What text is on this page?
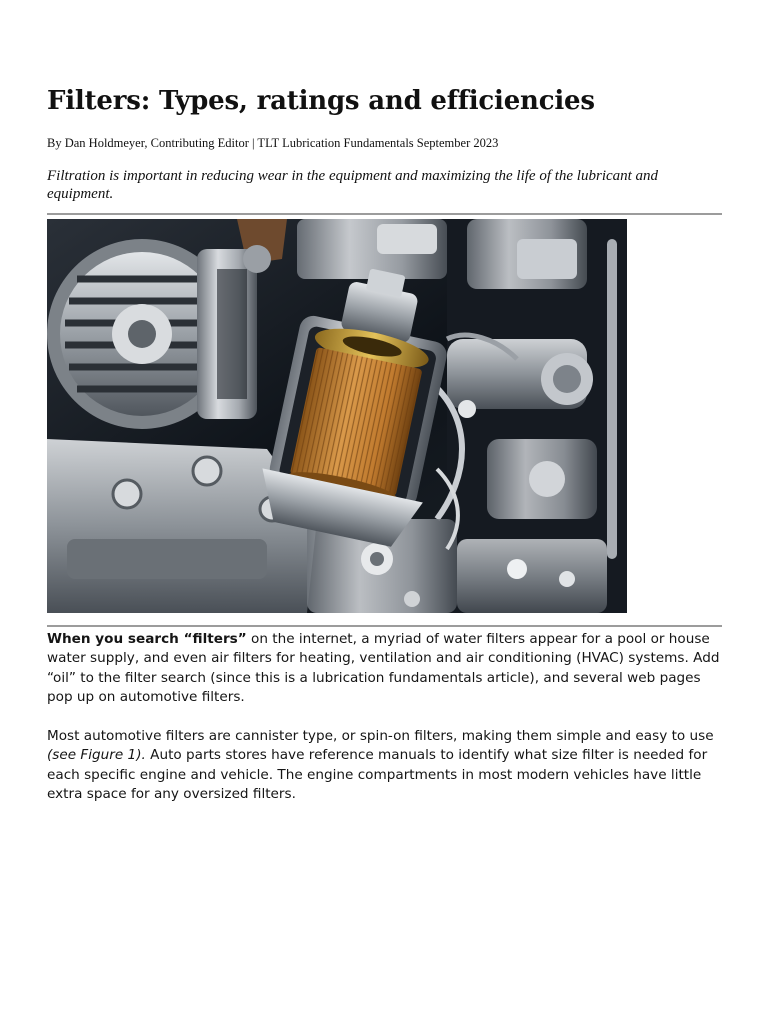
Filters: Types, ratings and efficiencies

By Dan Holdmeyer, Contributing Editor | TLT Lubrication Fundamentals September 2023

Filtration is important in reducing wear in the equipment and maximizing the life of the lubricant and equipment.

When you search “filters” on the internet, a myriad of water filters appear for a pool or house water supply, and even air filters for heating, ventilation and air conditioning (HVAC) systems. Add “oil” to the filter search (since this is a lubrication fundamentals article), and several web pages pop up on automotive filters.

Most automotive filters are cannister type, or spin-on filters, making them simple and easy to use (see Figure 1). Auto parts stores have reference manuals to identify what size filter is needed for each specific engine and vehicle. The engine compartments in most modern vehicles have little extra space for any oversized filters.
